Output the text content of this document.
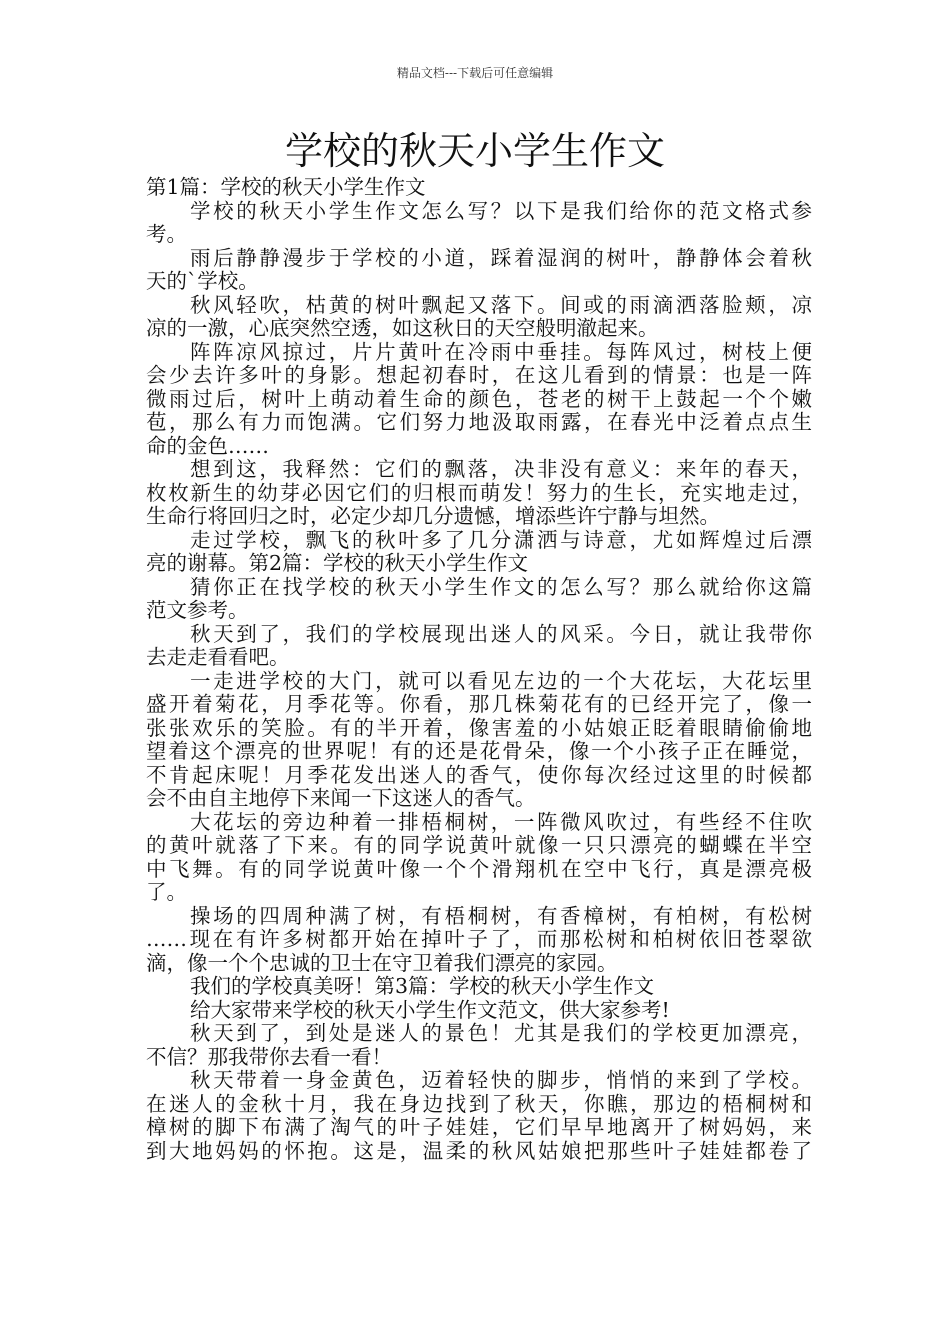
精品文档---下载后可任意编辑
学校的秋天小学生作文
第1篇：学校的秋天小学生作文
学校的秋天小学生作文怎么写？以下是我们给你的范文格式参
考。
雨后静静漫步于学校的小道，踩着湿润的树叶，静静体会着秋
天的`学校。
秋风轻吹，枯黄的树叶飘起又落下。间或的雨滴洒落脸颊，凉
凉的一激，心底突然空透，如这秋日的天空般明澈起来。
阵阵凉风掠过，片片黄叶在冷雨中垂挂。每阵风过，树枝上便
会少去许多叶的身影。想起初春时，在这儿看到的情景：也是一阵
微雨过后，树叶上萌动着生命的颜色，苍老的树干上鼓起一个个嫩
苞，那么有力而饱满。它们努力地汲取雨露，在春光中泛着点点生
命的金色……
想到这，我释然：它们的飘落，决非没有意义：来年的春天，
枚枚新生的幼芽必因它们的归根而萌发！努力的生长，充实地走过，
生命行将回归之时，必定少却几分遗憾，增添些许宁静与坦然。
走过学校，飘飞的秋叶多了几分潇洒与诗意，尤如辉煌过后漂
亮的谢幕。第2篇：学校的秋天小学生作文
猜你正在找学校的秋天小学生作文的怎么写？那么就给你这篇
范文参考。
秋天到了，我们的学校展现出迷人的风采。今日，就让我带你
去走走看看吧。
一走进学校的大门，就可以看见左边的一个大花坛，大花坛里
盛开着菊花，月季花等。你看，那几株菊花有的已经开完了，像一
张张欢乐的笑脸。有的半开着，像害羞的小姑娘正眨着眼睛偷偷地
望着这个漂亮的世界呢！有的还是花骨朵，像一个小孩子正在睡觉，
不肯起床呢！月季花发出迷人的香气，使你每次经过这里的时候都
会不由自主地停下来闻一下这迷人的香气。
大花坛的旁边种着一排梧桐树，一阵微风吹过，有些经不住吹
的黄叶就落了下来。有的同学说黄叶就像一只只漂亮的蝴蝶在半空
中飞舞。有的同学说黄叶像一个个滑翔机在空中飞行，真是漂亮极
了。
操场的四周种满了树，有梧桐树，有香樟树，有柏树，有松树
……现在有许多树都开始在掉叶子了，而那松树和柏树依旧苍翠欲
滴，像一个个忠诚的卫士在守卫着我们漂亮的家园。
我们的学校真美呀！第3篇：学校的秋天小学生作文
给大家带来学校的秋天小学生作文范文，供大家参考!
秋天到了，到处是迷人的景色！尤其是我们的学校更加漂亮，
不信？那我带你去看一看！
秋天带着一身金黄色，迈着轻快的脚步，悄悄的来到了学校。
在迷人的金秋十月，我在身边找到了秋天，你瞧，那边的梧桐树和
樟树的脚下布满了淘气的叶子娃娃，它们早早地离开了树妈妈，来
到大地妈妈的怀抱。这是，温柔的秋风姑娘把那些叶子娃娃都卷了
